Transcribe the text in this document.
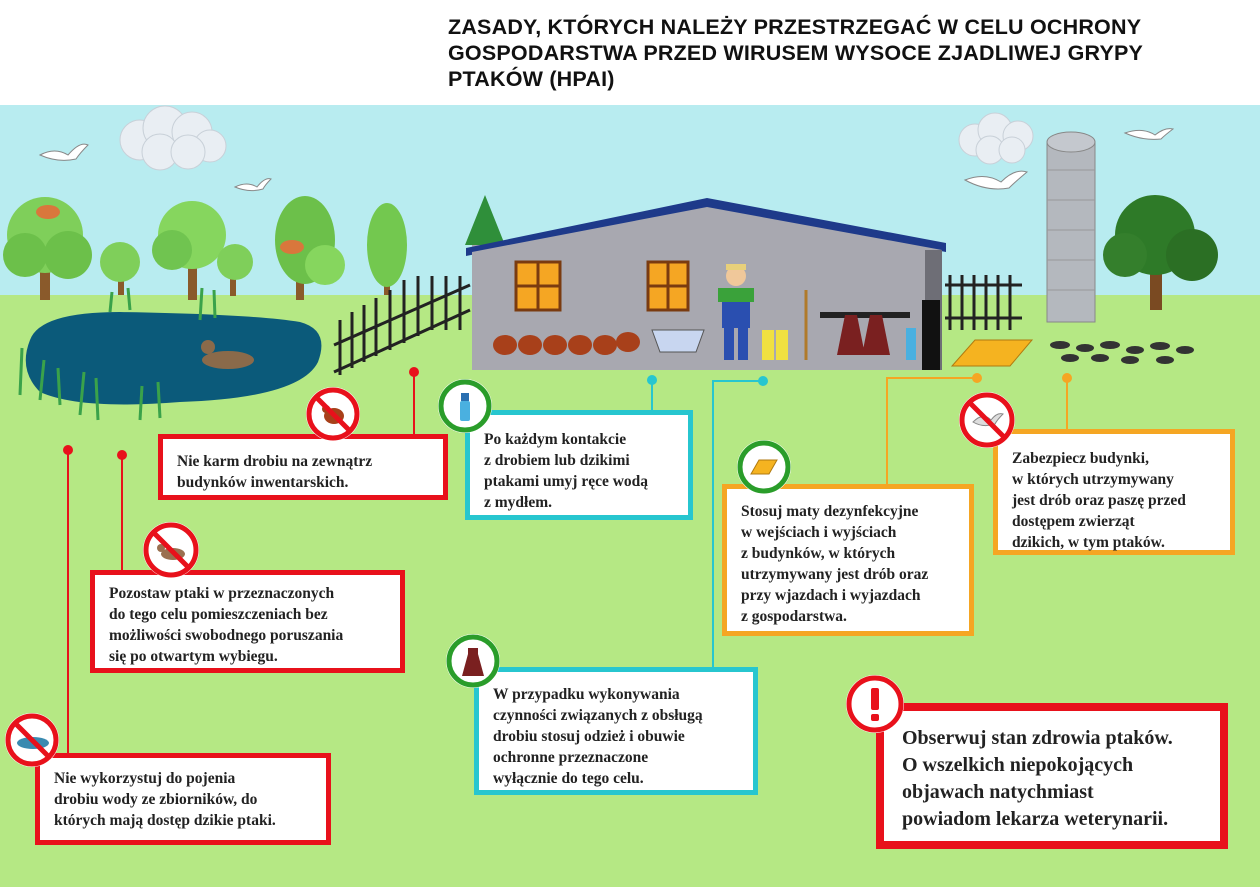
ZASADY, KTÓRYCH NALEŻY PRZESTRZEGAĆ W CELU OCHRONY
GOSPODARSTWA PRZED WIRUSEM WYSOCE ZJADLIWEJ GRYPY
PTAKÓW (HPAI)
Nie karm drobiu na zewnątrz
budynków inwentarskich.
Pozostaw ptaki w przeznaczonych
do tego celu pomieszczeniach bez
możliwości swobodnego poruszania
się po otwartym wybiegu.
Nie wykorzystuj do pojenia
drobiu wody ze zbiorników, do
których mają dostęp dzikie ptaki.
Po każdym kontakcie
z drobiem lub dzikimi
ptakami umyj ręce wodą
z mydłem.
W przypadku wykonywania
czynności związanych z obsługą
drobiu stosuj odzież i obuwie
ochronne przeznaczone
wyłącznie do tego celu.
Stosuj maty dezynfekcyjne
w wejściach i wyjściach
z budynków, w których
utrzymywany jest drób oraz
przy wjazdach i wyjazdach
z gospodarstwa.
Zabezpiecz budynki,
w których utrzymywany
jest drób oraz paszę przed
dostępem zwierząt
dzikich, w tym ptaków.
Obserwuj stan zdrowia ptaków.
O wszelkich niepokojących
objawach natychmiast
powiadom lekarza weterynarii.
